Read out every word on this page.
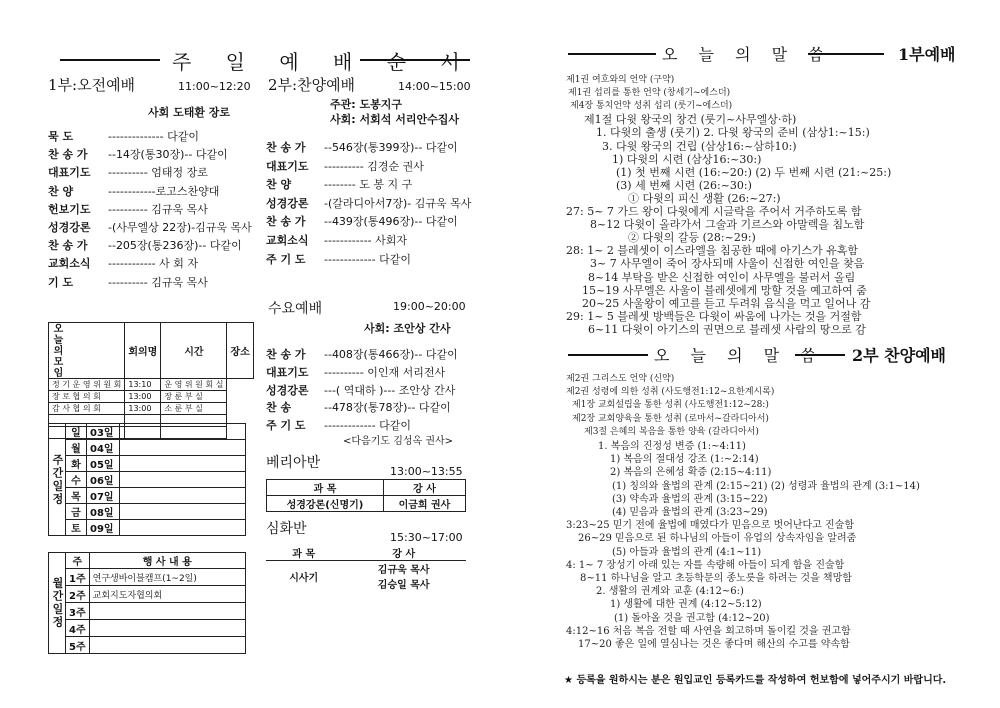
주 일 예 배 순 서
1부:오전예배	11:00~12:20
사회 도태환 장로
묵 도	-------------- 다같이
찬 송 가 --14장(통30장)-- 다같이
대표기도 ---------- 엄태정 장로
찬 양	------------로고스찬양대
헌보기도 ---------- 김규욱 목사
성경강론 -(사무엘상 22장)-김규욱 목사
찬 송 가 --205장(통236장)-- 다같이
교회소식 ------------ 사 회 자
기 도	---------- 김규욱 목사
2부:찬양예배	14:00~15:00
주관: 도봉지구
사회: 서회석 서리안수집사
찬 송 가 --546장(통399장)-- 다같이
대표기도 ---------- 김경순 권사
찬 양	-------- 도 봉 지 구
성경강론 -(갈라디아서7장)- 김규욱 목사
찬 송 가 --439장(통496장)-- 다같이
교회소식 ------------ 사회자
주 기 도 ------------- 다같이
수요예배	19:00~20:00
사회: 조안상 간사
찬 송 가 --408장(통466장)-- 다같이
대표기도 ---------- 이인재 서리전사
성경강론 ---( 역대하 )--- 조안상 간사
찬 송	--478장(통78장)-- 다같이
주 기 도 ------------- 다같이
<다음기도 김성옥 권사>
베리아반
13:00~13:55
과 목	강 사
성경강론(신명기)	이금희 권사
심화반
15:30~17:00
과 목	강 사
시사기	김규욱 목사
	김승일 목사
오늘의모임	회의명	시간	장소
정 기 운 영 위 원 회	13:10	운 영 위 원 회 실	
장 로 협 의 회	13:00	장 룬 부 실	
감 사 협 의 회	13:00	소 룬 부 실	

주간일정	일	03일	
	월	04일	
	화	05일	
	수	06일	
	목	07일	
	금	08일	
	토	09일	
월간일정	주	행 사 내 용
	1주	연구생바이블캠프(1~2일)
	2주	교회지도자협의회
	3주	
	4주	
	5주	
오 늘 의 말 씀	1부예배
제1권 여호와의 언약 (구약)
제1권 섭리를 통한 언약 (창세기~에스더)
제4장 통치언약 성취 섭리 (룻기~에스더)
제1절 다윗 왕국의 창건 (룻기~사무엘상·하)
1. 다윗의 출생 (룻기) 2. 다윗 왕국의 준비 (삼상1:~15:)
3. 다윗 왕국의 건립 (삼상16:~삼하10:)
1) 다윗의 시련 (삼상16:~30:)
(1) 첫 번째 시련 (16:~20:) (2) 두 번째 시련 (21:~25:)
(3) 세 번째 시련 (26:~30:)
① 다윗의 피신 생활 (26:~27:)
27: 5~ 7 가드 왕이 다윗에게 시글락을 주어서 거주하도록 함
8~12 다윗이 올라가서 그술과 기르스와 아말렉을 침노함
② 다윗의 갈등 (28:~29:)
28: 1~ 2 블레셋이 이스라엘을 침공한 때에 아기스가 유혹함
3~ 7 사무엘이 죽어 장사되매 사울이 신접한 여인을 찾음
8~14 부탁을 받은 신접한 여인이 사무엘을 불러서 올림
15~19 사무엘은 사울이 블레셋에게 망할 것을 예고하여 줌
20~25 사울왕이 예고를 듣고 두려워 음식을 먹고 일어나 감
29: 1~ 5 블레셋 방백들은 다윗이 싸움에 나가는 것을 거절함
6~11 다윗이 아기스의 권면으로 블레셋 사람의 땅으로 감
오 늘 의 말 씀 2부 찬양예배
제2권 그리스도 언약 (신약)
제2권 성령에 의한 성취 (사도행전1:12~요한계시록)
제1장 교회설립을 통한 성취 (사도행전1:12~28:)
제2장 교회양육을 통한 성취 (로마서~갈라디아서)
제3절 은혜의 복음을 통한 양육 (갈라디아서)
1. 복음의 진정성 변증 (1:~4:11)
1) 복음의 절대성 강조 (1:~2:14)
2) 복음의 은혜성 확증 (2:15~4:11)
(1) 칭의와 율법의 관계 (2:15~21) (2) 성령과 율법의 관계 (3:1~14)
(3) 약속과 율법의 관계 (3:15~22)
(4) 믿음과 율법의 관계 (3:23~29)
3:23~25 믿기 전에 율법에 매였다가 믿음으로 벗어난다고 진술함
26~29 믿음으로 된 하나님의 아들이 유업의 상속자임을 알려줌
(5) 아들과 율법의 관계 (4:1~11)
4: 1~ 7 장성기 아래 있는 자를 속량해 아들이 되게 함을 진술함
8~11 하나님을 알고 초등학문의 종노릇을 하려는 것을 책망함
2. 생활의 권계와 교훈 (4:12~6:)
1) 생활에 대한 권계 (4:12~5:12)
(1) 돌아올 것을 권고함 (4:12~20)
4:12~16 처음 복음 전할 때 사연을 회고하며 돌이킬 것을 권고함
17~20 좋은 일에 열심나는 것은 좋다며 해산의 수고를 약속함
★ 등록을 원하시는 분은 원입교인 등록카드를 작성하여 헌보함에 넣어주시기 바랍니다.
